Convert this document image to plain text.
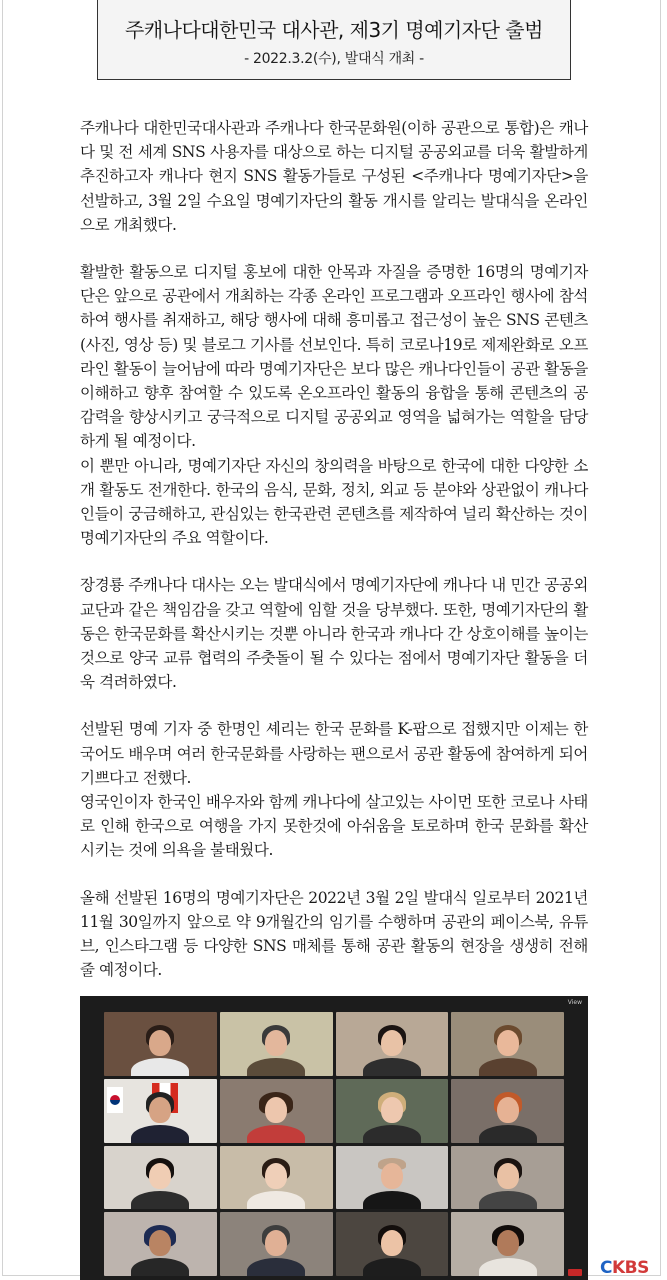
주캐나다대한민국 대사관, 제3기 명예기자단 출범
- 2022.3.2(수), 발대식 개최 -

주캐나다 대한민국대사관과 주캐나다 한국문화원(이하 공관으로 통합)은 캐나다 및 전 세계 SNS 사용자를 대상으로 하는 디지털 공공외교를 더욱 활발하게 추진하고자 캐나다 현지 SNS 활동가들로 구성된 <주캐나다 명예기자단>을 선발하고, 3월 2일 수요일 명예기자단의 활동 개시를 알리는 발대식을 온라인으로 개최했다.

활발한 활동으로 디지털 홍보에 대한 안목과 자질을 증명한 16명의 명예기자단은 앞으로 공관에서 개최하는 각종 온라인 프로그램과 오프라인 행사에 참석하여 행사를 취재하고, 해당 행사에 대해 흥미롭고 접근성이 높은 SNS 콘텐츠(사진, 영상 등) 및 블로그 기사를 선보인다. 특히 코로나19로 제제완화로 오프라인 활동이 늘어남에 따라 명예기자단은 보다 많은 캐나다인들이 공관 활동을 이해하고 향후 참여할 수 있도록 온오프라인 활동의 융합을 통해 콘텐츠의 공감력을 향상시키고 궁극적으로 디지털 공공외교 영역을 넓혀가는 역할을 담당하게 될 예정이다.

이 뿐만 아니라, 명예기자단 자신의 창의력을 바탕으로 한국에 대한 다양한 소개 활동도 전개한다. 한국의 음식, 문화, 정치, 외교 등 분야와 상관없이 캐나다인들이 궁금해하고, 관심있는 한국관련 콘텐츠를 제작하여 널리 확산하는 것이 명예기자단의 주요 역할이다.

장경룡 주캐나다 대사는 오는 발대식에서 명예기자단에 캐나다 내 민간 공공외교단과 같은 책임감을 갖고 역할에 임할 것을 당부했다. 또한, 명예기자단의 활동은 한국문화를 확산시키는 것뿐 아니라 한국과 캐나다 간 상호이해를 높이는 것으로 양국 교류 협력의 주춧돌이 될 수 있다는 점에서 명예기자단 활동을 더욱 격려하였다.

선발된 명예 기자 중 한명인 셰리는 한국 문화를 K-팝으로 접했지만 이제는 한국어도 배우며 여러 한국문화를 사랑하는 팬으로서 공관 활동에 참여하게 되어 기쁘다고 전했다.

영국인이자 한국인 배우자와 함께 캐나다에 살고있는 사이먼 또한 코로나 사태로 인해 한국으로 여행을 가지 못한것에 아쉬움을 토로하며 한국 문화를 확산시키는 것에 의욕을 불태웠다.

올해 선발된 16명의 명예기자단은 2022년 3월 2일 발대식 일로부터 2021년 11월 30일까지 앞으로 약 9개월간의 임기를 수행하며 공관의 페이스북, 유튜브, 인스타그램 등 다양한 SNS 매체를 통해 공관 활동의 현장을 생생히 전해줄 예정이다.

View
CKBS
